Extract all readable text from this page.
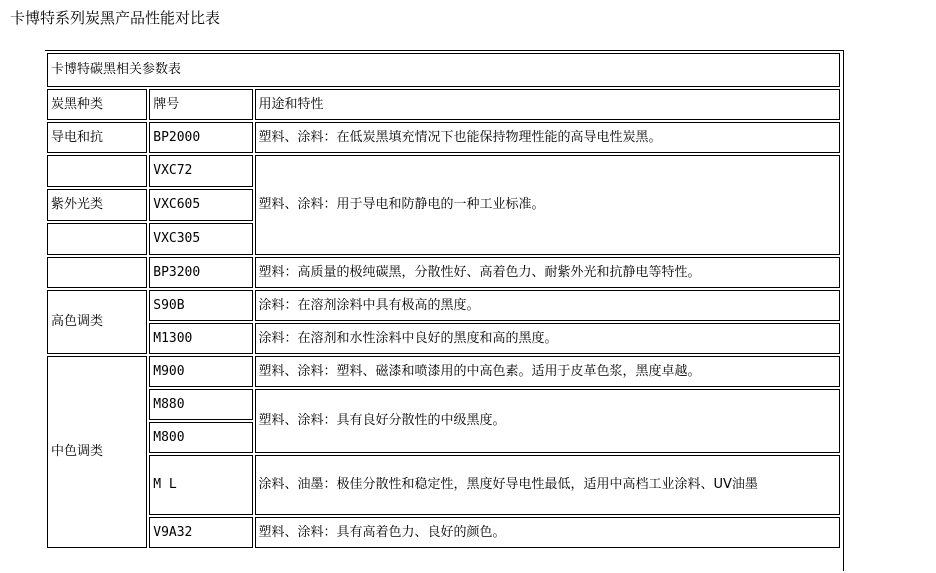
卡博特系列炭黑产品性能对比表
卡博特碳黑相关参数表		
炭黑种类	牌号	用途和特性
导电和抗	BP2000	塑料、涂料：在低炭黑填充情况下也能保持物理性能的高导电性炭黑。
	VXC72	塑料、涂料：用于导电和防静电的一种工业标准。
紫外光类	VXC605	
	VXC305	
	BP3200	塑料：高质量的极纯碳黑，分散性好、高着色力、耐紫外光和抗静电等特性。
高色调类	S90B	涂料：在溶剂涂料中具有极高的黑度。
	M1300	涂料：在溶剂和水性涂料中良好的黑度和高的黑度。
中色调类	M900	塑料、涂料：塑料、磁漆和喷漆用的中高色素。适用于皮革色浆，黑度卓越。
	M880	塑料、涂料：具有良好分散性的中级黑度。
	M800	
	M L	涂料、油墨：极佳分散性和稳定性，黑度好导电性最低，适用中高档工业涂料、UV油墨
	V9A32	塑料、涂料：具有高着色力、良好的颜色。
